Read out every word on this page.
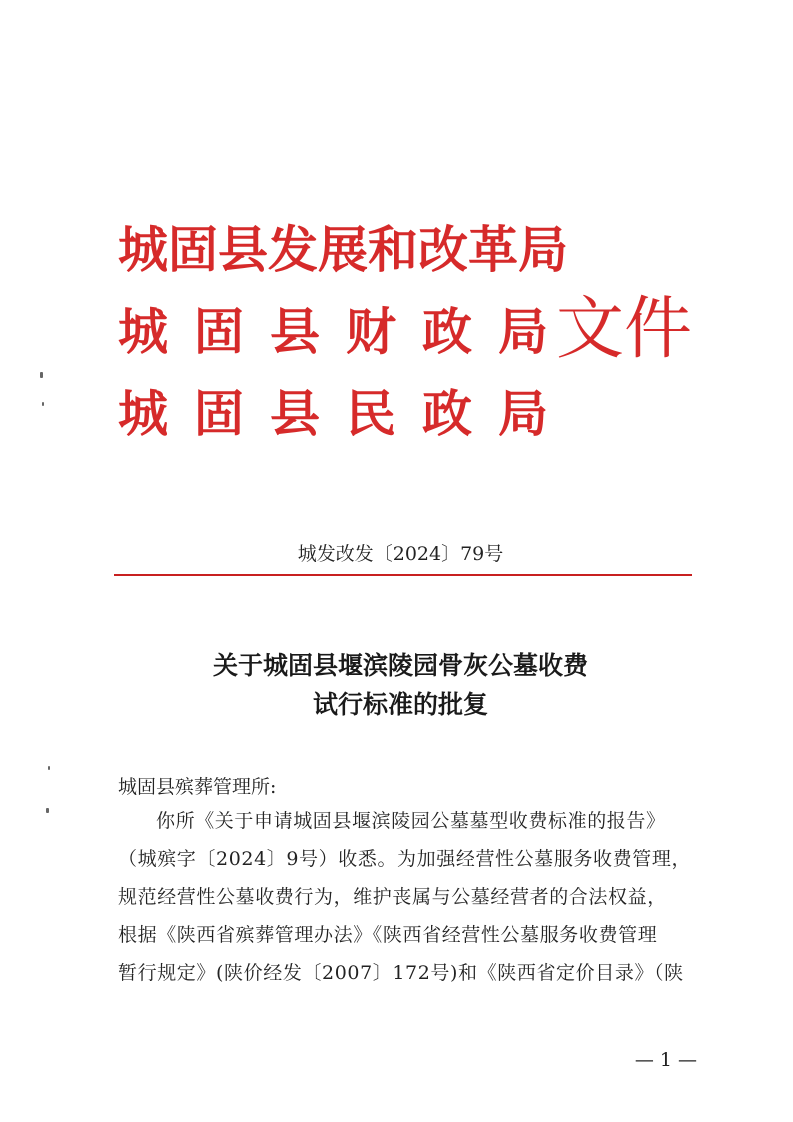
城固县发展和改革局
城固县财政局
城固县民政局
文件
城发改发〔2024〕79号
关于城固县堰滨陵园骨灰公墓收费
试行标准的批复
城固县殡葬管理所:
你所《关于申请城固县堰滨陵园公墓墓型收费标准的报告》
（城殡字〔2024〕9号）收悉。为加强经营性公墓服务收费管理，
规范经营性公墓收费行为，维护丧属与公墓经营者的合法权益，
根据《陕西省殡葬管理办法》《陕西省经营性公墓服务收费管理
暂行规定》(陕价经发〔2007〕172号)和《陕西省定价目录》（陕
— 1 —
